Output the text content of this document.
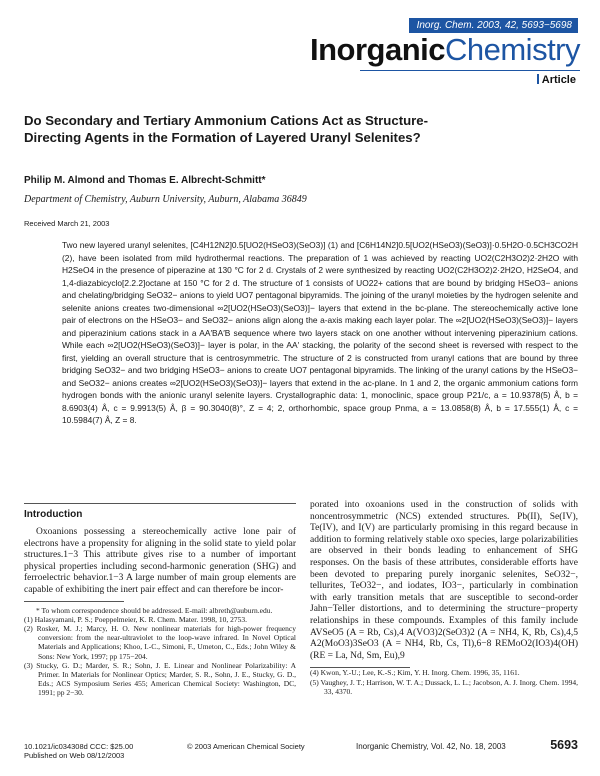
Inorg. Chem. 2003, 42, 5693−5698
InorganicChemistry
Article
Do Secondary and Tertiary Ammonium Cations Act as Structure-Directing Agents in the Formation of Layered Uranyl Selenites?
Philip M. Almond and Thomas E. Albrecht-Schmitt*
Department of Chemistry, Auburn University, Auburn, Alabama 36849
Received March 21, 2003
Two new layered uranyl selenites, [C4H12N2]0.5[UO2(HSeO3)(SeO3)] (1) and [C6H14N2]0.5[UO2(HSeO3)(SeO3)]·0.5H2O·0.5CH3CO2H (2), have been isolated from mild hydrothermal reactions. The preparation of 1 was achieved by reacting UO2(C2H3O2)2·2H2O with H2SeO4 in the presence of piperazine at 130 °C for 2 d. Crystals of 2 were synthesized by reacting UO2(C2H3O2)2·2H2O, H2SeO4, and 1,4-diazabicyclo[2.2.2]octane at 150 °C for 2 d. The structure of 1 consists of UO22+ cations that are bound by bridging HSeO3− anions and chelating/bridging SeO32− anions to yield UO7 pentagonal bipyramids. The joining of the uranyl moieties by the hydrogen selenite and selenite anions creates two-dimensional ∞2[UO2(HSeO3)(SeO3)]− layers that extend in the bc-plane. The stereochemically active lone pair of electrons on the HSeO3− and SeO32− anions align along the a-axis making each layer polar. The ∞2[UO2(HSeO3)(SeO3)]− layers and piperazinium cations stack in a AA′BA′B sequence where two layers stack on one another without intervening piperazinium cations. While each ∞2[UO2(HSeO3)(SeO3)]− layer is polar, in the AA′ stacking, the polarity of the second sheet is reversed with respect to the first, yielding an overall structure that is centrosymmetric. The structure of 2 is constructed from uranyl cations that are bound by three bridging SeO32− and two bridging HSeO3− anions to create UO7 pentagonal bipyramids. The linking of the uranyl cations by the HSeO3− and SeO32− anions creates ∞2[UO2(HSeO3)(SeO3)]− layers that extend in the ac-plane. In 1 and 2, the organic ammonium cations form hydrogen bonds with the anionic uranyl selenite layers. Crystallographic data: 1, monoclinic, space group P21/c, a = 10.9378(5) Å, b = 8.6903(4) Å, c = 9.9913(5) Å, β = 90.3040(8)°, Z = 4; 2, orthorhombic, space group Pnma, a = 13.0858(8) Å, b = 17.555(1) Å, c = 10.5984(7) Å, Z = 8.
Introduction
Oxoanions possessing a stereochemically active lone pair of electrons have a propensity for aligning in the solid state to yield polar structures.1−3 This attribute gives rise to a number of important physical properties including second-harmonic generation (SHG) and ferroelectric behavior.1−3 A large number of main group elements are capable of exhibiting the inert pair effect and can therefore be incor-
* To whom correspondence should be addressed. E-mail: albreth@auburn.edu.
(1) Halasyamani, P. S.; Poeppelmeier, K. R. Chem. Mater. 1998, 10, 2753.
(2) Rosker, M. J.; Marcy, H. O. New nonlinear materials for high-power frequency conversion: from the near-ultraviolet to the loop-wave infrared. In Novel Optical Materials and Applications; Khoo, I.-C., Simoni, F., Umeton, C., Eds.; John Wiley & Sons: New York, 1997; pp 175−204.
(3) Stucky, G. D.; Marder, S. R.; Sohn, J. E. Linear and Nonlinear Polarizability: A Primer. In Materials for Nonlinear Optics; Marder, S. R., Sohn, J. E., Stucky, G. D., Eds.; ACS Symposium Series 455; American Chemical Society: Washington, DC, 1991; pp 2−30.
porated into oxoanions used in the construction of solids with noncentrosymmetric (NCS) extended structures. Pb(II), Se(IV), Te(IV), and I(V) are particularly promising in this regard because in addition to forming relatively stable oxo species, large polarizabilities are observed in their bonds leading to enhancement of SHG responses. On the basis of these attributes, considerable efforts have been devoted to preparing purely inorganic selenites, SeO32−, tellurites, TeO32−, and iodates, IO3−, particularly in combination with early transition metals that are susceptible to second-order Jahn−Teller distortions, and to determining the structure−property relationships in these compounds. Examples of this family include AVSeO5 (A = Rb, Cs),4 A(VO3)2(SeO3)2 (A = NH4, K, Rb, Cs),4,5 A2(MoO3)3SeO3 (A = NH4, Rb, Cs, Tl),6−8 REMoO2(IO3)4(OH) (RE = La, Nd, Sm, Eu),9
(4) Kwon, Y.-U.; Lee, K.-S.; Kim, Y. H. Inorg. Chem. 1996, 35, 1161.
(5) Vaughey, J. T.; Harrison, W. T. A.; Dussack, L. L.; Jacobson, A. J. Inorg. Chem. 1994, 33, 4370.
10.1021/ic034308d CCC: $25.00
Published on Web 08/12/2003
© 2003 American Chemical Society	Inorganic Chemistry, Vol. 42, No. 18, 2003	5693
